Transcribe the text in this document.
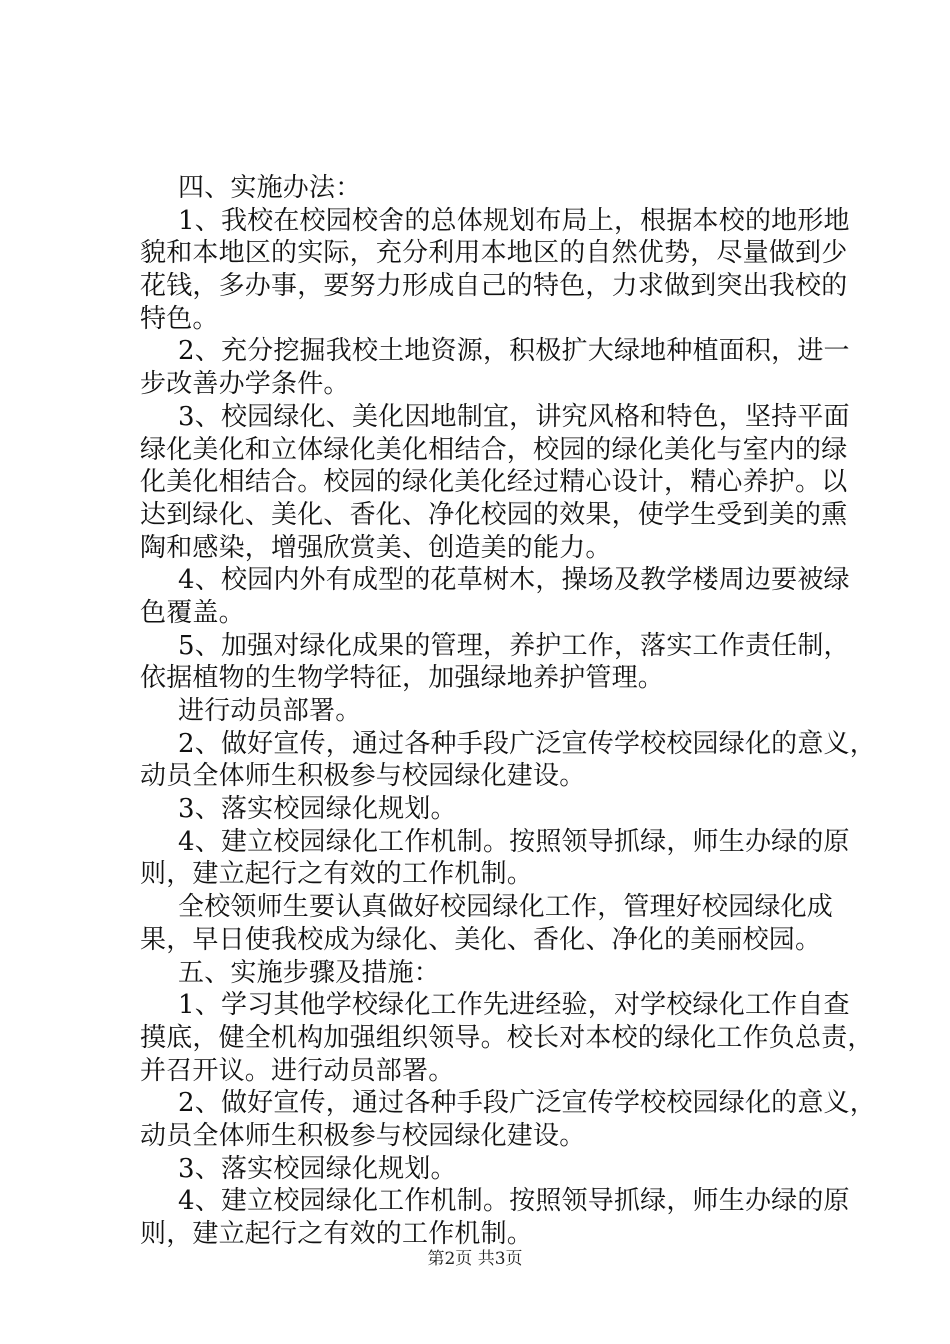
四、实施办法：
1、我校在校园校舍的总体规划布局上，根据本校的地形地
貌和本地区的实际，充分利用本地区的自然优势，尽量做到少
花钱，多办事，要努力形成自己的特色，力求做到突出我校的
特色。
2、充分挖掘我校土地资源，积极扩大绿地种植面积，进一
步改善办学条件。
3、校园绿化、美化因地制宜，讲究风格和特色，坚持平面
绿化美化和立体绿化美化相结合，校园的绿化美化与室内的绿
化美化相结合。校园的绿化美化经过精心设计，精心养护。以
达到绿化、美化、香化、净化校园的效果，使学生受到美的熏
陶和感染，增强欣赏美、创造美的能力。
4、校园内外有成型的花草树木，操场及教学楼周边要被绿
色覆盖。
5、加强对绿化成果的管理，养护工作，落实工作责任制，
依据植物的生物学特征，加强绿地养护管理。
进行动员部署。
2、做好宣传，通过各种手段广泛宣传学校校园绿化的意义，
动员全体师生积极参与校园绿化建设。
3、落实校园绿化规划。
4、建立校园绿化工作机制。按照领导抓绿，师生办绿的原
则，建立起行之有效的工作机制。
全校领师生要认真做好校园绿化工作，管理好校园绿化成
果，早日使我校成为绿化、美化、香化、净化的美丽校园。
五、实施步骤及措施：
1、学习其他学校绿化工作先进经验，对学校绿化工作自查
摸底，健全机构加强组织领导。校长对本校的绿化工作负总责，
并召开议。进行动员部署。
2、做好宣传，通过各种手段广泛宣传学校校园绿化的意义，
动员全体师生积极参与校园绿化建设。
3、落实校园绿化规划。
4、建立校园绿化工作机制。按照领导抓绿，师生办绿的原
则，建立起行之有效的工作机制。
第2页 共3页
